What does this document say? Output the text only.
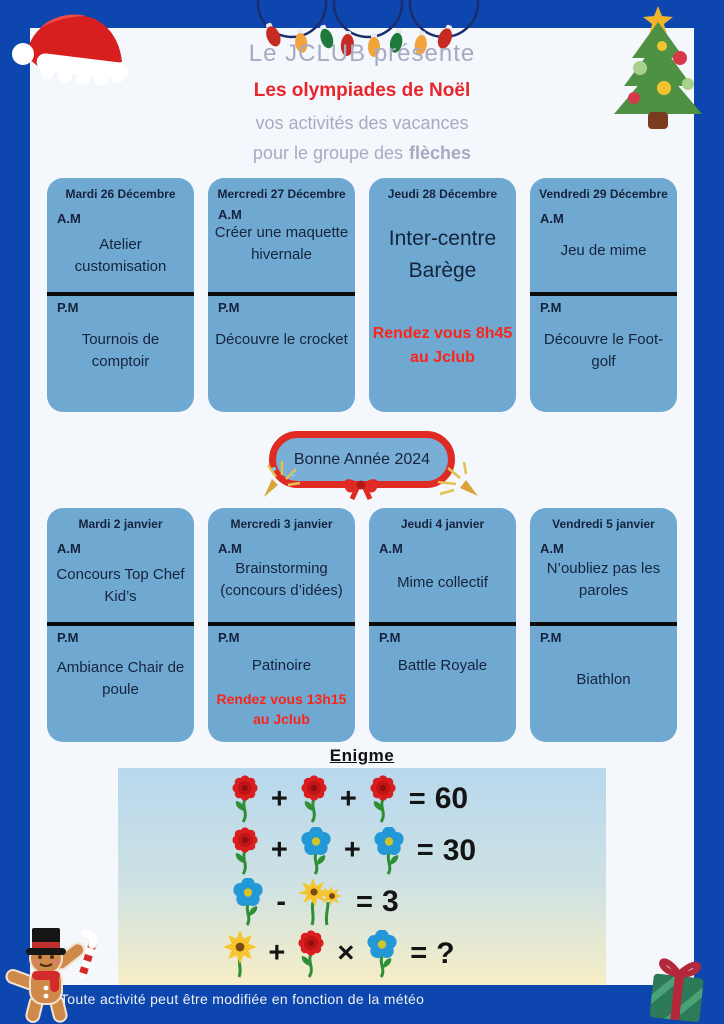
Le JCLUB présente
Les olympiades de Noël
vos activités des vacances
pour le groupe des flèches
Mardi 26 Décembre
A.M
Atelier customisation
P.M
Tournois de comptoir
Mercredi 27 Décembre
A.M
Créer une maquette hivernale
P.M
Découvre le crocket
Jeudi 28 Décembre
Inter-centre Barège
Rendez vous 8h45 au Jclub
Vendredi 29 Décembre
A.M
Jeu de mime
P.M
Découvre le Foot-golf
Bonne Année 2024
Mardi 2 janvier
A.M
Concours Top Chef Kid’s
P.M
Ambiance Chair de poule
Mercredi 3 janvier
A.M
Brainstorming (concours d’idées)
P.M
Patinoire
Rendez vous 13h15 au Jclub
Jeudi 4 janvier
A.M
Mime collectif
P.M
Battle Royale
Vendredi 5 janvier
A.M
N’oubliez pas les paroles
P.M
Biathlon
Enigme
+ + = 60
+ + = 30
- = 3
+ × = ?
Toute activité peut être modifiée en fonction de la météo
